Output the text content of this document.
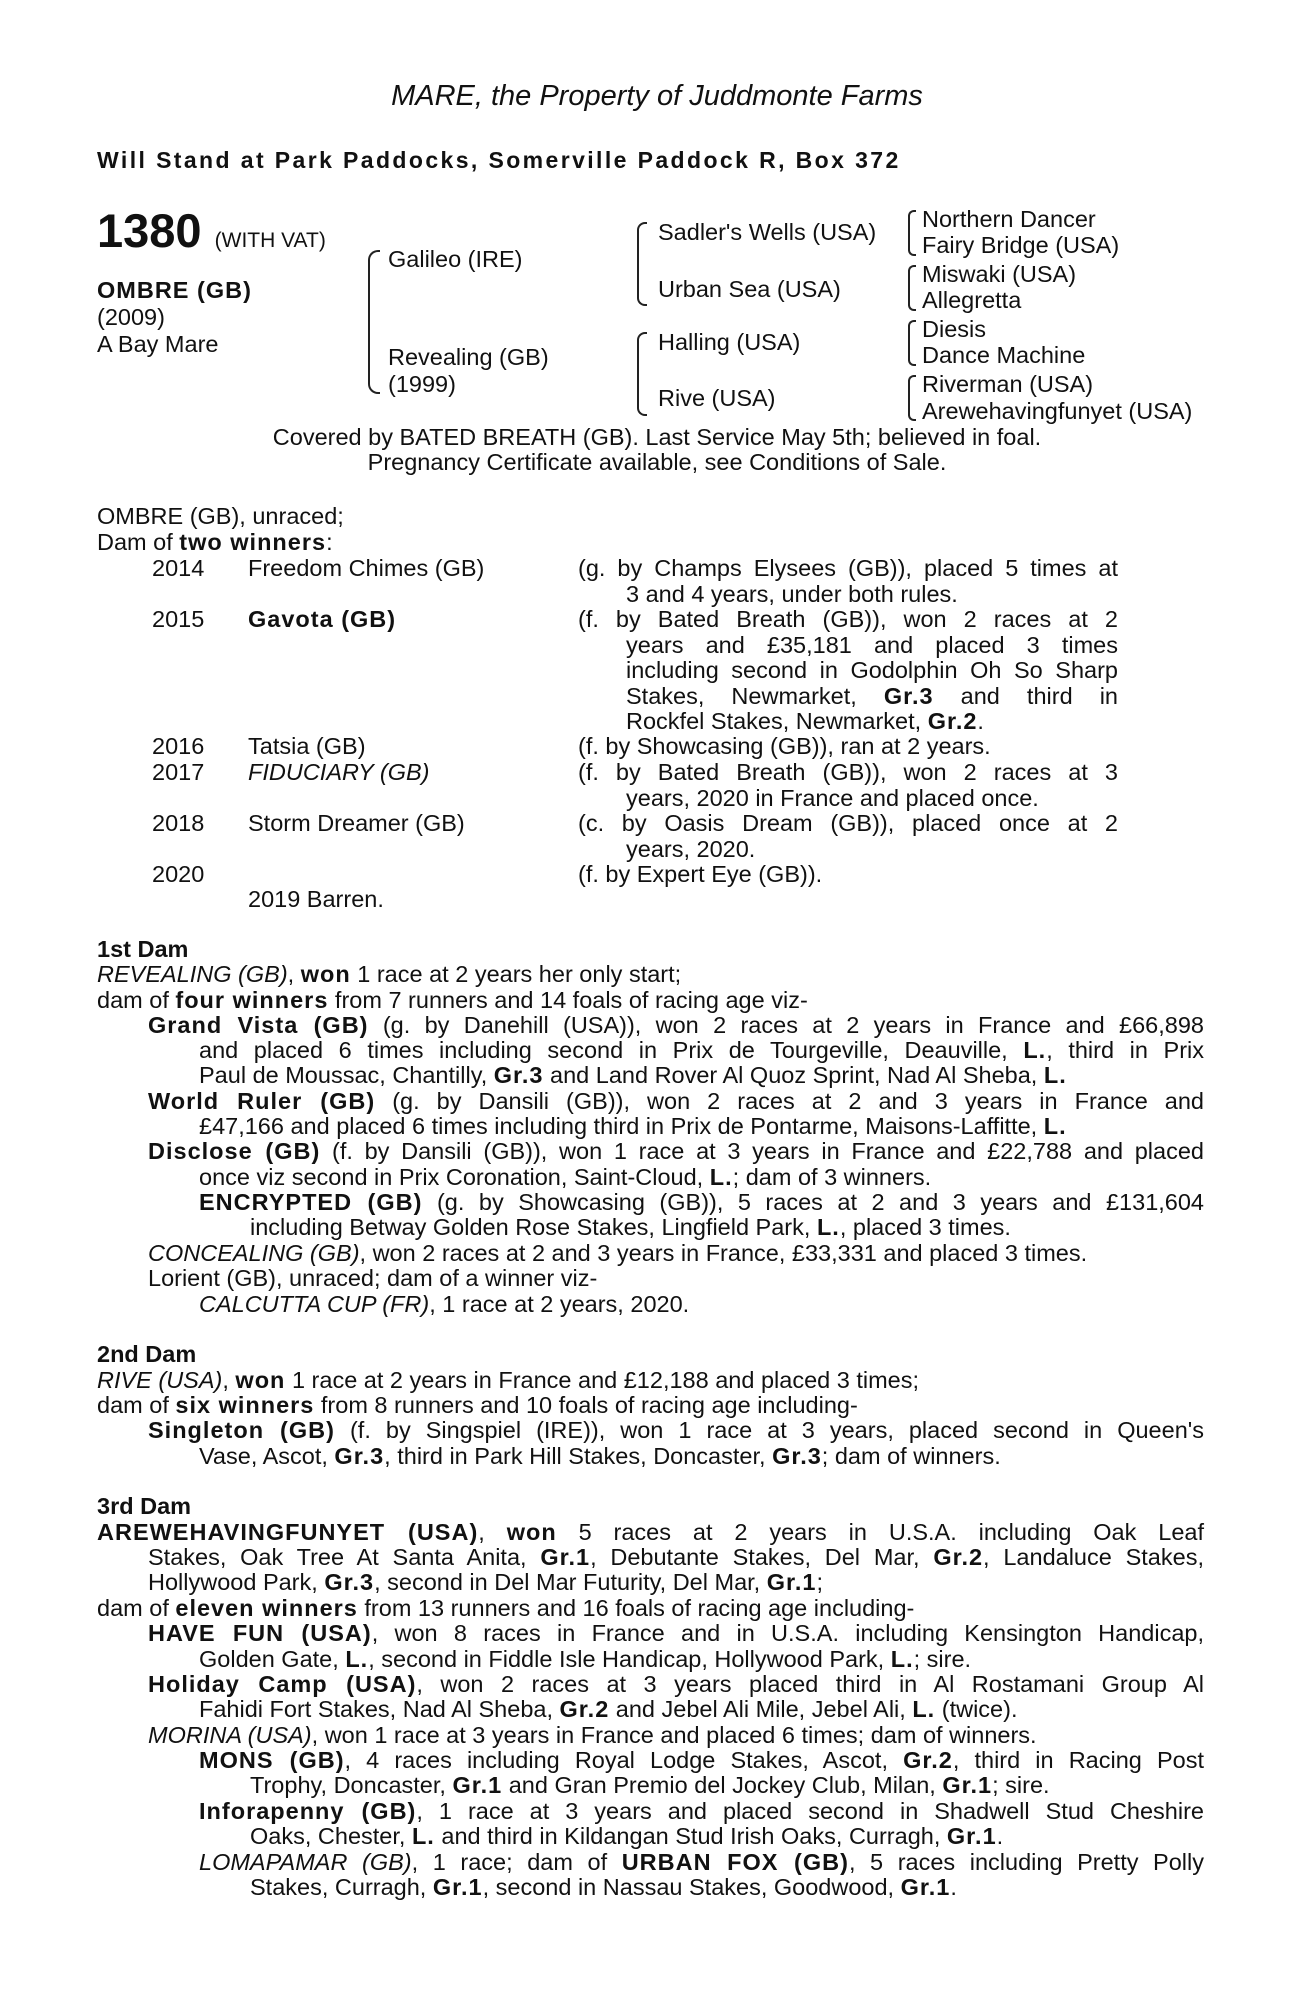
MARE, the Property of Juddmonte Farms
Will Stand at Park Paddocks, Somerville Paddock R, Box 372
1380 (WITH VAT)
OMBRE (GB)
(2009)
A Bay Mare
Galileo (IRE)
Revealing (GB)
(1999)
Sadler's Wells (USA)
Urban Sea (USA)
Halling (USA)
Rive (USA)
Northern Dancer
Fairy Bridge (USA)
Miswaki (USA)
Allegretta
Diesis
Dance Machine
Riverman (USA)
Arewehavingfunyet (USA)
Covered by BATED BREATH (GB). Last Service May 5th; believed in foal.
Pregnancy Certificate available, see Conditions of Sale.
OMBRE (GB), unraced;
Dam of two winners:
2014 Freedom Chimes (GB)	(g. by Champs Elysees (GB)), placed 5 times at
3 and 4 years, under both rules.
2015 Gavota (GB)	(f. by Bated Breath (GB)), won 2 races at 2
years and £35,181 and placed 3 times
including second in Godolphin Oh So Sharp
Stakes, Newmarket, Gr.3 and third in
Rockfel Stakes, Newmarket, Gr.2.
2016 Tatsia (GB)	(f. by Showcasing (GB)), ran at 2 years.
2017 FIDUCIARY (GB)	(f. by Bated Breath (GB)), won 2 races at 3
years, 2020 in France and placed once.
2018 Storm Dreamer (GB)	(c. by Oasis Dream (GB)), placed once at 2
years, 2020.
2020	(f. by Expert Eye (GB)).
2019 Barren.
1st Dam
REVEALING (GB), won 1 race at 2 years her only start;
dam of four winners from 7 runners and 14 foals of racing age viz-
Grand Vista (GB) (g. by Danehill (USA)), won 2 races at 2 years in France and £66,898
and placed 6 times including second in Prix de Tourgeville, Deauville, L., third in Prix
Paul de Moussac, Chantilly, Gr.3 and Land Rover Al Quoz Sprint, Nad Al Sheba, L.
World Ruler (GB) (g. by Dansili (GB)), won 2 races at 2 and 3 years in France and
£47,166 and placed 6 times including third in Prix de Pontarme, Maisons-Laffitte, L.
Disclose (GB) (f. by Dansili (GB)), won 1 race at 3 years in France and £22,788 and placed
once viz second in Prix Coronation, Saint-Cloud, L.; dam of 3 winners.
ENCRYPTED (GB) (g. by Showcasing (GB)), 5 races at 2 and 3 years and £131,604
including Betway Golden Rose Stakes, Lingfield Park, L., placed 3 times.
CONCEALING (GB), won 2 races at 2 and 3 years in France, £33,331 and placed 3 times.
Lorient (GB), unraced; dam of a winner viz-
CALCUTTA CUP (FR), 1 race at 2 years, 2020.
2nd Dam
RIVE (USA), won 1 race at 2 years in France and £12,188 and placed 3 times;
dam of six winners from 8 runners and 10 foals of racing age including-
Singleton (GB) (f. by Singspiel (IRE)), won 1 race at 3 years, placed second in Queen's
Vase, Ascot, Gr.3, third in Park Hill Stakes, Doncaster, Gr.3; dam of winners.
3rd Dam
AREWEHAVINGFUNYET (USA), won 5 races at 2 years in U.S.A. including Oak Leaf
Stakes, Oak Tree At Santa Anita, Gr.1, Debutante Stakes, Del Mar, Gr.2, Landaluce Stakes,
Hollywood Park, Gr.3, second in Del Mar Futurity, Del Mar, Gr.1;
dam of eleven winners from 13 runners and 16 foals of racing age including-
HAVE FUN (USA), won 8 races in France and in U.S.A. including Kensington Handicap,
Golden Gate, L., second in Fiddle Isle Handicap, Hollywood Park, L.; sire.
Holiday Camp (USA), won 2 races at 3 years placed third in Al Rostamani Group Al
Fahidi Fort Stakes, Nad Al Sheba, Gr.2 and Jebel Ali Mile, Jebel Ali, L. (twice).
MORINA (USA), won 1 race at 3 years in France and placed 6 times; dam of winners.
MONS (GB), 4 races including Royal Lodge Stakes, Ascot, Gr.2, third in Racing Post
Trophy, Doncaster, Gr.1 and Gran Premio del Jockey Club, Milan, Gr.1; sire.
Inforapenny (GB), 1 race at 3 years and placed second in Shadwell Stud Cheshire
Oaks, Chester, L. and third in Kildangan Stud Irish Oaks, Curragh, Gr.1.
LOMAPAMAR (GB), 1 race; dam of URBAN FOX (GB), 5 races including Pretty Polly
Stakes, Curragh, Gr.1, second in Nassau Stakes, Goodwood, Gr.1.
